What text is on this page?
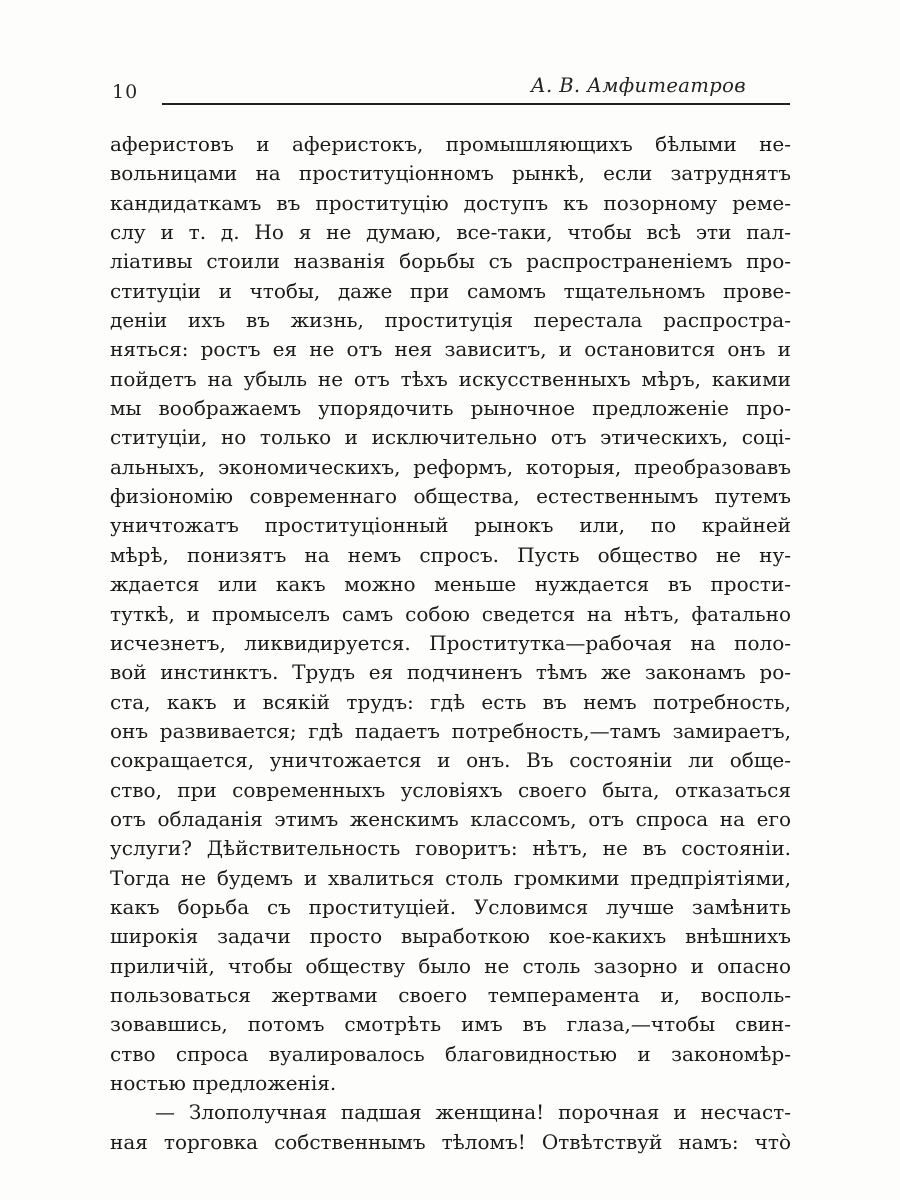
10	А. В. Амфитеатров
аферистовъ и аферистокъ, промышляющихъ бѣлыми не-
вольницами на проституціонномъ рынкѣ, если затруднятъ
кандидаткамъ въ проституцію доступъ къ позорному реме-
слу и т. д. Но я не думаю, все-таки, чтобы всѣ эти пал-
ліативы стоили названія борьбы съ распространеніемъ про-
ституціи и чтобы, даже при самомъ тщательномъ прове-
деніи ихъ въ жизнь, проституція перестала распростра-
няться: ростъ ея не отъ нея зависитъ, и остановится онъ и
пойдетъ на убыль не отъ тѣхъ искусственныхъ мѣръ, какими
мы воображаемъ упорядочить рыночное предложеніе про-
ституціи, но только и исключительно отъ этическихъ, соці-
альныхъ, экономическихъ, реформъ, которыя, преобразовавъ
физіономію современнаго общества, естественнымъ путемъ
уничтожатъ проституціонный рынокъ или, по крайней
мѣрѣ, понизятъ на немъ спросъ. Пусть общество не ну-
ждается или какъ можно меньше нуждается въ прости-
туткѣ, и промыселъ самъ собою сведется на нѣтъ, фатально
исчезнетъ, ликвидируется. Проститутка—рабочая на поло-
вой инстинктъ. Трудъ ея подчиненъ тѣмъ же законамъ ро-
ста, какъ и всякій трудъ: гдѣ есть въ немъ потребность,
онъ развивается; гдѣ падаетъ потребность,—тамъ замираетъ,
сокращается, уничтожается и онъ. Въ состояніи ли обще-
ство, при современныхъ условіяхъ своего быта, отказаться
отъ обладанія этимъ женскимъ классомъ, отъ спроса на его
услуги? Дѣйствительность говоритъ: нѣтъ, не въ состояніи.
Тогда не будемъ и хвалиться столь громкими предпріятіями,
какъ борьба съ проституціей. Условимся лучше замѣнить
широкія задачи просто выработкою кое-какихъ внѣшнихъ
приличій, чтобы обществу было не столь зазорно и опасно
пользоваться жертвами своего темперамента и, восполь-
зовавшись, потомъ смотрѣть имъ въ глаза,—чтобы свин-
ство спроса вуалировалось благовидностью и закономѣр-
ностью предложенія.
— Злополучная падшая женщина! порочная и несчаст-
ная торговка собственнымъ тѣломъ! Отвѣтствуй намъ: что̀
